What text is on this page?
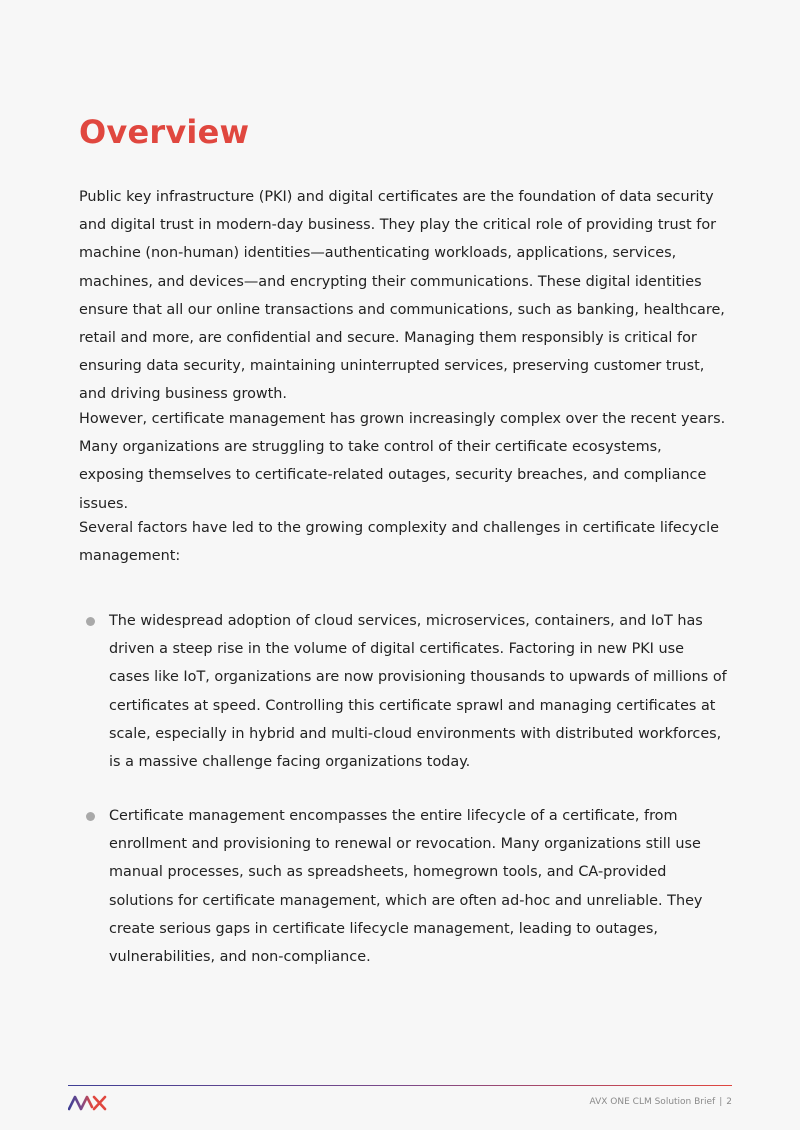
Overview

Public key infrastructure (PKI) and digital certificates are the foundation of data security and digital trust in modern-day business. They play the critical role of providing trust for machine (non-human) identities—authenticating workloads, applications, services, machines, and devices—and encrypting their communications. These digital identities ensure that all our online transactions and communications, such as banking, healthcare, retail and more, are confidential and secure. Managing them responsibly is critical for ensuring data security, maintaining uninterrupted services, preserving customer trust, and driving business growth.

However, certificate management has grown increasingly complex over the recent years. Many organizations are struggling to take control of their certificate ecosystems, exposing themselves to certificate-related outages, security breaches, and compliance issues.

Several factors have led to the growing complexity and challenges in certificate lifecycle management:

The widespread adoption of cloud services, microservices, containers, and IoT has driven a steep rise in the volume of digital certificates. Factoring in new PKI use cases like IoT, organizations are now provisioning thousands to upwards of millions of certificates at speed. Controlling this certificate sprawl and managing certificates at scale, especially in hybrid and multi-cloud environments with distributed workforces, is a massive challenge facing organizations today.
Certificate management encompasses the entire lifecycle of a certificate, from enrollment and provisioning to renewal or revocation. Many organizations still use manual processes, such as spreadsheets, homegrown tools, and CA-provided solutions for certificate management, which are often ad-hoc and unreliable. They create serious gaps in certificate lifecycle management, leading to outages, vulnerabilities, and non-compliance.
AVX ONE CLM Solution Brief | 2
